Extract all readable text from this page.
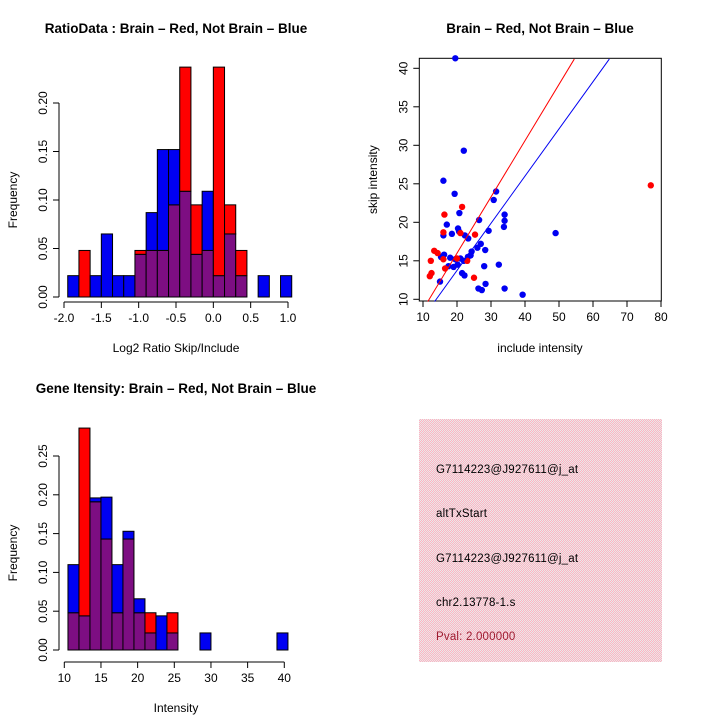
RatioData : Brain – Red, Not Brain – Blue
-2.0 -1.5 -1.0 -0.5 0.0 0.5 1.0
Log2 Ratio Skip/Include
0.00
0.05
0.10
0.15
0.20
Frequency
Brain – Red, Not Brain – Blue
10 20 30 40 50 60 70 80
include intensity
10
15
20
25
30
35
40
skip intensity
Gene Itensity: Brain – Red, Not Brain – Blue
10 15 20 25 30 35 40
Intensity
0.00
0.05
0.10
0.15
0.20
0.25
Frequency
G7114223@J927611@j_at
altTxStart
G7114223@J927611@j_at
chr2.13778-1.s
Pval: 2.000000
